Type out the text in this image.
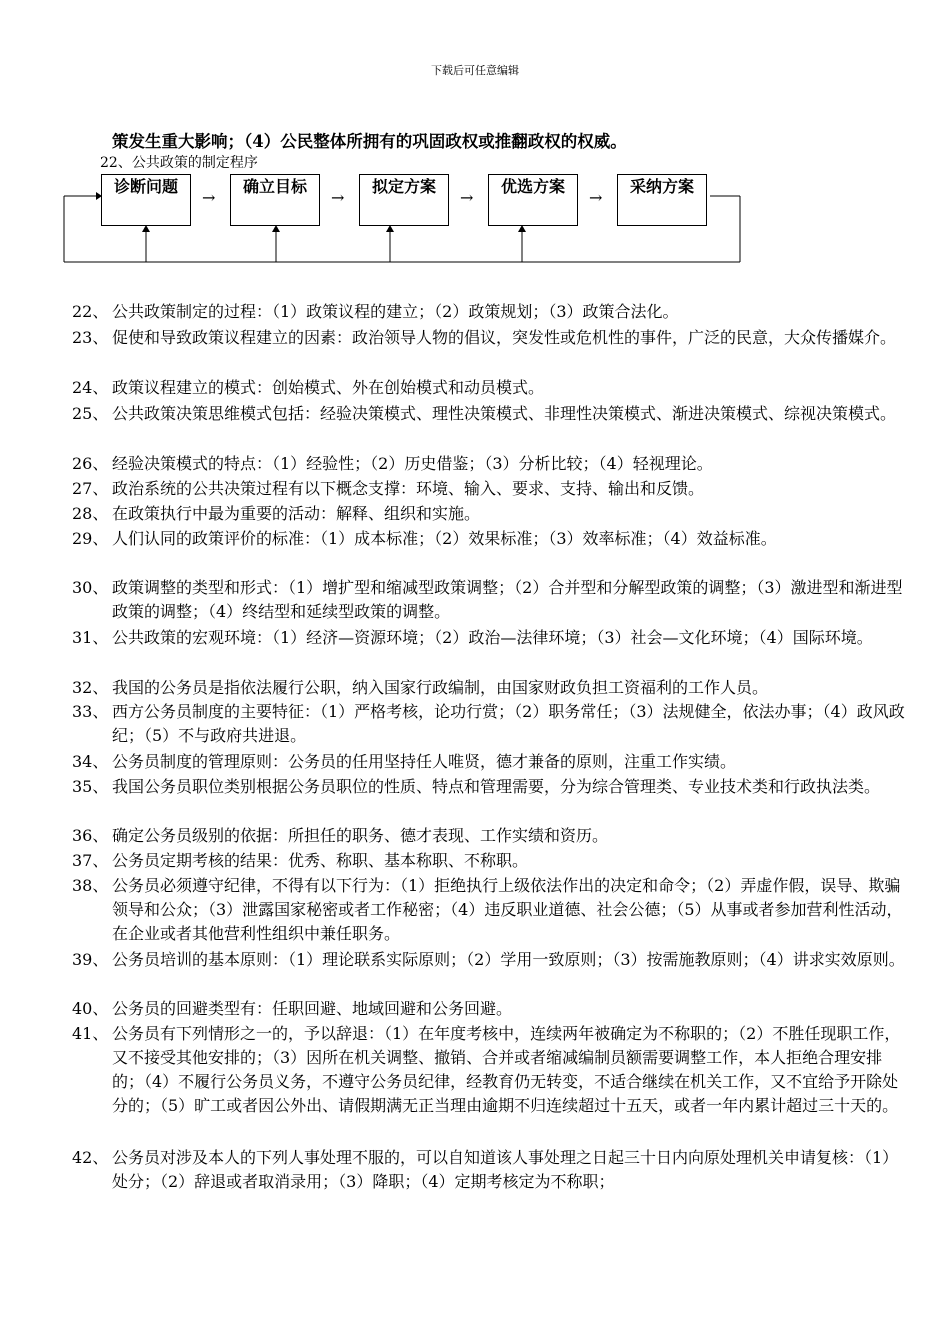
下载后可任意编辑
策发生重大影响；（4）公民整体所拥有的巩固政权或推翻政权的权威。
22、公共政策的制定程序
诊断问题
→
确立目标
→
拟定方案
→
优选方案
→
采纳方案
22、 公共政策制定的过程：（1）政策议程的建立；（2）政策规划；（3）政策合法化。
23、 促使和导致政策议程建立的因素：政治领导人物的倡议，突发性或危机性的事件，广泛的民意，大众传播媒介。
24、 政策议程建立的模式：创始模式、外在创始模式和动员模式。
25、 公共政策决策思维模式包括：经验决策模式、理性决策模式、非理性决策模式、渐进决策模式、综视决策模式。
26、 经验决策模式的特点：（1）经验性；（2）历史借鉴；（3）分析比较；（4）轻视理论。
27、 政治系统的公共决策过程有以下概念支撑：环境、输入、要求、支持、输出和反馈。
28、 在政策执行中最为重要的活动：解释、组织和实施。
29、 人们认同的政策评价的标准：（1）成本标准；（2）效果标准；（3）效率标准；（4）效益标准。
30、 政策调整的类型和形式：（1）增扩型和缩减型政策调整；（2）合并型和分解型政策的调整；（3）激进型和渐进型政策的调整；（4）终结型和延续型政策的调整。
31、 公共政策的宏观环境：（1）经济—资源环境；（2）政治—法律环境；（3）社会—文化环境；（4）国际环境。
32、 我国的公务员是指依法履行公职，纳入国家行政编制，由国家财政负担工资福利的工作人员。
33、 西方公务员制度的主要特征：（1）严格考核，论功行赏；（2）职务常任；（3）法规健全，依法办事；（4）政风政纪；（5）不与政府共进退。
34、 公务员制度的管理原则：公务员的任用坚持任人唯贤，德才兼备的原则，注重工作实绩。
35、 我国公务员职位类别根据公务员职位的性质、特点和管理需要，分为综合管理类、专业技术类和行政执法类。
36、 确定公务员级别的依据：所担任的职务、德才表现、工作实绩和资历。
37、 公务员定期考核的结果：优秀、称职、基本称职、不称职。
38、 公务员必须遵守纪律，不得有以下行为：（1）拒绝执行上级依法作出的决定和命令；（2）弄虚作假，误导、欺骗领导和公众；（3）泄露国家秘密或者工作秘密；（4）违反职业道德、社会公德；（5）从事或者参加营利性活动，在企业或者其他营利性组织中兼任职务。
39、 公务员培训的基本原则：（1）理论联系实际原则；（2）学用一致原则；（3）按需施教原则；（4）讲求实效原则。
40、 公务员的回避类型有：任职回避、地域回避和公务回避。
41、 公务员有下列情形之一的，予以辞退：（1）在年度考核中，连续两年被确定为不称职的；（2）不胜任现职工作，又不接受其他安排的；（3）因所在机关调整、撤销、合并或者缩减编制员额需要调整工作，本人拒绝合理安排的；（4）不履行公务员义务，不遵守公务员纪律，经教育仍无转变，不适合继续在机关工作，又不宜给予开除处分的；（5）旷工或者因公外出、请假期满无正当理由逾期不归连续超过十五天，或者一年内累计超过三十天的。
42、 公务员对涉及本人的下列人事处理不服的，可以自知道该人事处理之日起三十日内向原处理机关申请复核：（1）处分；（2）辞退或者取消录用；（3）降职；（4）定期考核定为不称职；
